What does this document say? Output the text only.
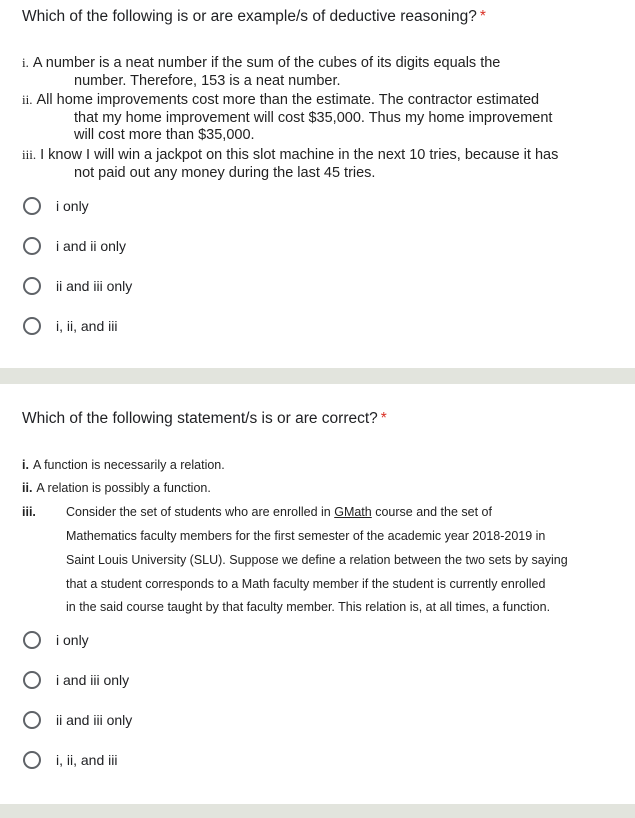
Which of the following is or are example/s of deductive reasoning? *
i. A number is a neat number if the sum of the cubes of its digits equals the
number. Therefore, 153 is a neat number.
ii. All home improvements cost more than the estimate. The contractor estimated
that my home improvement will cost $35,000. Thus my home improvement
will cost more than $35,000.
iii. I know I will win a jackpot on this slot machine in the next 10 tries, because it has
not paid out any money during the last 45 tries.
i only
i and ii only
ii and iii only
i, ii, and iii
Which of the following statement/s is or are correct? *
i. A function is necessarily a relation.
ii. A relation is possibly a function.
iii. Consider the set of students who are enrolled in GMath course and the set of
Mathematics faculty members for the first semester of the academic year 2018-2019 in
Saint Louis University (SLU). Suppose we define a relation between the two sets by saying
that a student corresponds to a Math faculty member if the student is currently enrolled
in the said course taught by that faculty member. This relation is, at all times, a function.
i only
i and iii only
ii and iii only
i, ii, and iii
